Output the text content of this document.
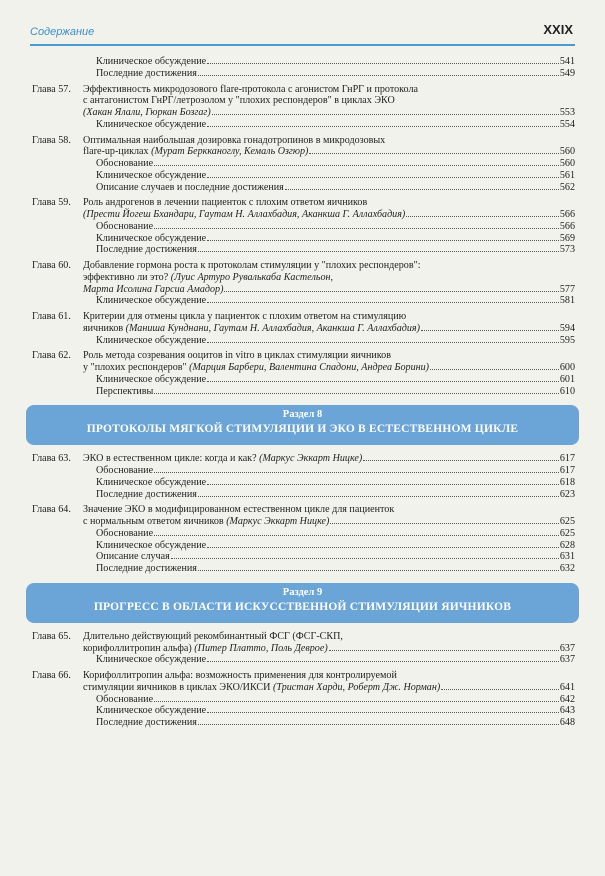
Содержание	XXIX
Клиническое обсуждение	541
Последние достижения	549
Глава 57. Эффективность микродозового flare-протокола с агонистом ГнРГ и протокола
с антагонистом ГнРГ/летрозолом у "плохих респондеров" в циклах ЭКО
(Хакан Ялали, Гюркан Бозгаг)	553
Клиническое обсуждение	554
Глава 58. Оптимальная наибольшая дозировка гонадотропинов в микродозовых
flare-up-циклах (Мурат Беркканоглу, Кемаль Озгюр)	560
Обоснование	560
Клиническое обсуждение	561
Описание случаев и последние достижения	562
Глава 59. Роль андрогенов в лечении пациенток с плохим ответом яичников
(Прести Йогеш Бхандари, Гаутам Н. Аллахбадия, Аканкша Г. Аллахбадия)	566
Обоснование	566
Клиническое обсуждение	569
Последние достижения	573
Глава 60. Добавление гормона роста к протоколам стимуляции у "плохих респондеров":
эффективно ли это? (Луис Артуро Рувалькаба Кастельон,
Марта Исолина Гарсиа Амадор)	577
Клиническое обсуждение	581
Глава 61. Критерии для отмены цикла у пациенток с плохим ответом на стимуляцию
яичников (Маниша Кунднани, Гаутам Н. Аллахбадия, Аканкша Г. Аллахбадия)	594
Клиническое обсуждение	595
Глава 62. Роль метода созревания ооцитов in vitro в циклах стимуляции яичников
у "плохих респондеров" (Марция Барбери, Валентина Спадони, Андреа Борини)	600
Клиническое обсуждение	601
Перспективы	610
Раздел 8
ПРОТОКОЛЫ МЯГКОЙ СТИМУЛЯЦИИ И ЭКО В ЕСТЕСТВЕННОМ ЦИКЛЕ
Глава 63. ЭКО в естественном цикле: когда и как? (Маркус Эккарт Ницке)	617
Обоснование	617
Клиническое обсуждение	618
Последние достижения	623
Глава 64. Значение ЭКО в модифицированном естественном цикле для пациенток
с нормальным ответом яичников (Маркус Эккарт Ницке)	625
Обоснование	625
Клиническое обсуждение	628
Описание случая	631
Последние достижения	632
Раздел 9
ПРОГРЕСС В ОБЛАСТИ ИСКУССТВЕННОЙ СТИМУЛЯЦИИ ЯИЧНИКОВ
Глава 65. Длительно действующий рекомбинантный ФСГ (ФСГ-СКП,
корифоллитропин альфа) (Питер Платто, Поль Деврое)	637
Клиническое обсуждение	637
Глава 66. Корифоллитропин альфа: возможность применения для контролируемой
стимуляции яичников в циклах ЭКО/ИКСИ (Тристан Харди, Роберт Дж. Норман)	641
Обоснование	642
Клиническое обсуждение	643
Последние достижения	648
